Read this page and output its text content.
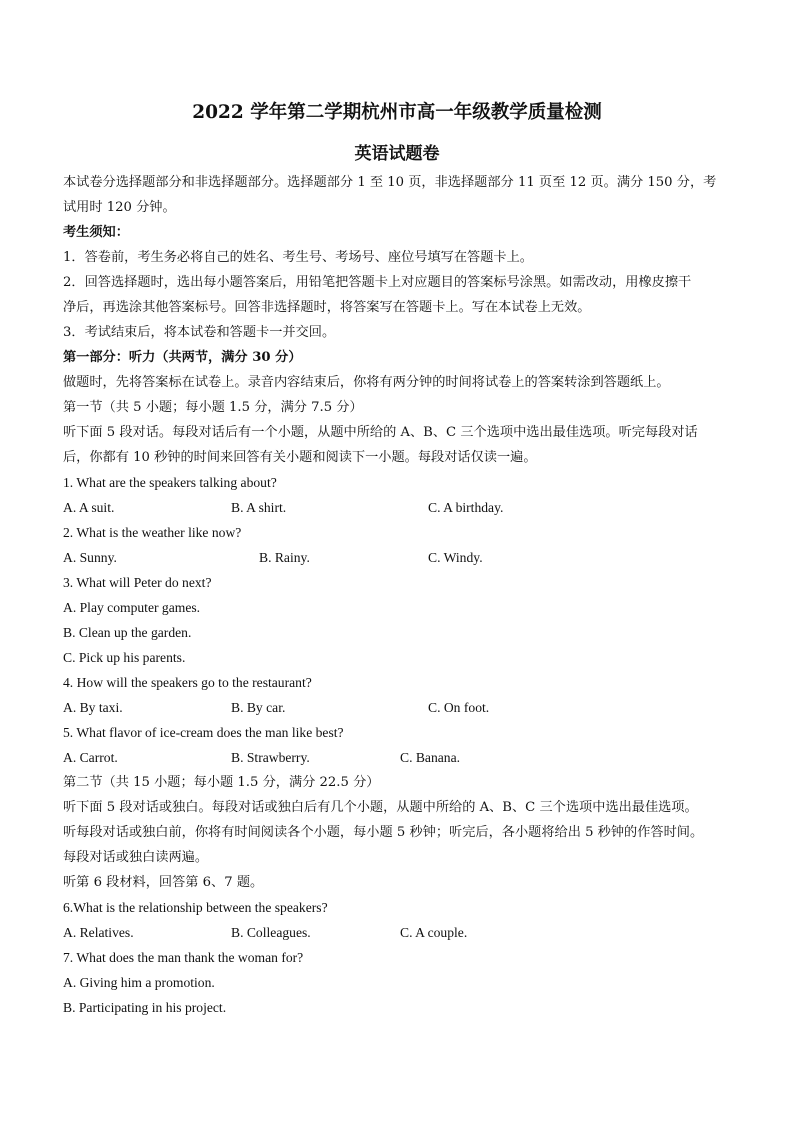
2022 学年第二学期杭州市高一年级教学质量检测
英语试题卷
本试卷分选择题部分和非选择题部分。选择题部分 1 至 10 页，非选择题部分 11 页至 12 页。满分 150 分，考
试用时 120 分钟。
考生须知：
1．答卷前，考生务必将自己的姓名、考生号、考场号、座位号填写在答题卡上。
2．回答选择题时，选出每小题答案后，用铅笔把答题卡上对应题目的答案标号涂黑。如需改动，用橡皮擦干
净后，再选涂其他答案标号。回答非选择题时，将答案写在答题卡上。写在本试卷上无效。
3．考试结束后，将本试卷和答题卡一并交回。
第一部分：听力（共两节，满分 30 分）
做题时，先将答案标在试卷上。录音内容结束后，你将有两分钟的时间将试卷上的答案转涂到答题纸上。
第一节（共 5 小题；每小题 1.5 分，满分 7.5 分）
听下面 5 段对话。每段对话后有一个小题，从题中所给的 A、B、C 三个选项中选出最佳选项。听完每段对话
后，你都有 10 秒钟的时间来回答有关小题和阅读下一小题。每段对话仅读一遍。
1. What are the speakers talking about?
A. A suit.	B. A shirt.	C. A birthday.
2. What is the weather like now?
A. Sunny.	B. Rainy.	C. Windy.
3. What will Peter do next?
A. Play computer games.
B. Clean up the garden.
C. Pick up his parents.
4. How will the speakers go to the restaurant?
A. By taxi.	B. By car.	C. On foot.
5. What flavor of ice-cream does the man like best?
A. Carrot.	B. Strawberry.	C. Banana.
第二节（共 15 小题；每小题 1.5 分，满分 22.5 分）
听下面 5 段对话或独白。每段对话或独白后有几个小题，从题中所给的 A、B、C 三个选项中选出最佳选项。
听每段对话或独白前，你将有时间阅读各个小题，每小题 5 秒钟；听完后，各小题将给出 5 秒钟的作答时间。
每段对话或独白读两遍。
听第 6 段材料，回答第 6、7 题。
6.What is the relationship between the speakers?
A. Relatives.	B. Colleagues.	C. A couple.
7. What does the man thank the woman for?
A. Giving him a promotion.
B. Participating in his project.
